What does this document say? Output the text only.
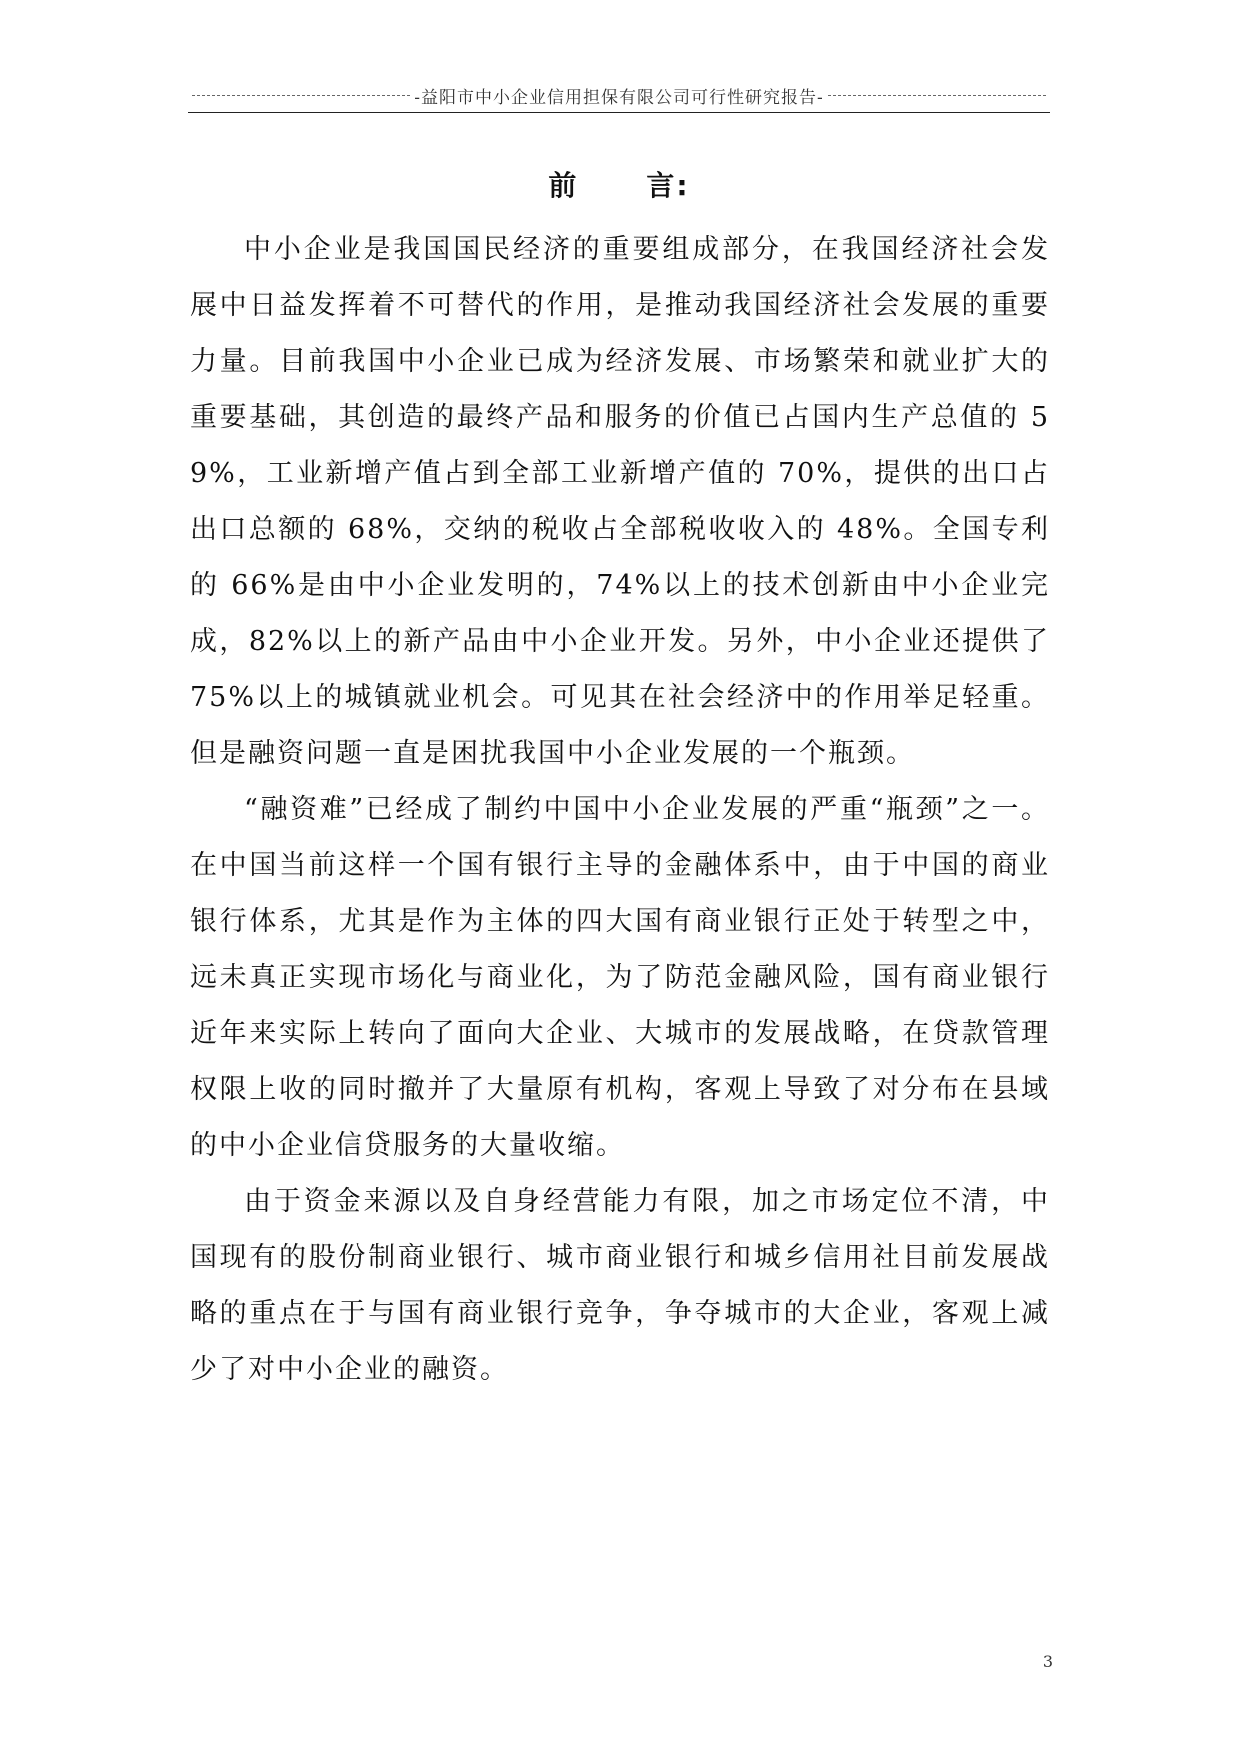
-益阳市中小企业信用担保有限公司可行性研究报告-
前 言:

中小企业是我国国民经济的重要组成部分，在我国经济社会发展中日益发挥着不可替代的作用，是推动我国经济社会发展的重要力量。目前我国中小企业已成为经济发展、市场繁荣和就业扩大的重要基础，其创造的最终产品和服务的价值已占国内生产总值的 59%，工业新增产值占到全部工业新增产值的 70%，提供的出口占出口总额的 68%，交纳的税收占全部税收收入的 48%。全国专利的 66%是由中小企业发明的，74%以上的技术创新由中小企业完成，82%以上的新产品由中小企业开发。另外，中小企业还提供了 75%以上的城镇就业机会。可见其在社会经济中的作用举足轻重。但是融资问题一直是困扰我国中小企业发展的一个瓶颈。

“融资难”已经成了制约中国中小企业发展的严重“瓶颈”之一。在中国当前这样一个国有银行主导的金融体系中，由于中国的商业银行体系，尤其是作为主体的四大国有商业银行正处于转型之中，远未真正实现市场化与商业化，为了防范金融风险，国有商业银行近年来实际上转向了面向大企业、大城市的发展战略，在贷款管理权限上收的同时撤并了大量原有机构，客观上导致了对分布在县域的中小企业信贷服务的大量收缩。

由于资金来源以及自身经营能力有限，加之市场定位不清，中国现有的股份制商业银行、城市商业银行和城乡信用社目前发展战略的重点在于与国有商业银行竞争，争夺城市的大企业，客观上减少了对中小企业的融资。

3
